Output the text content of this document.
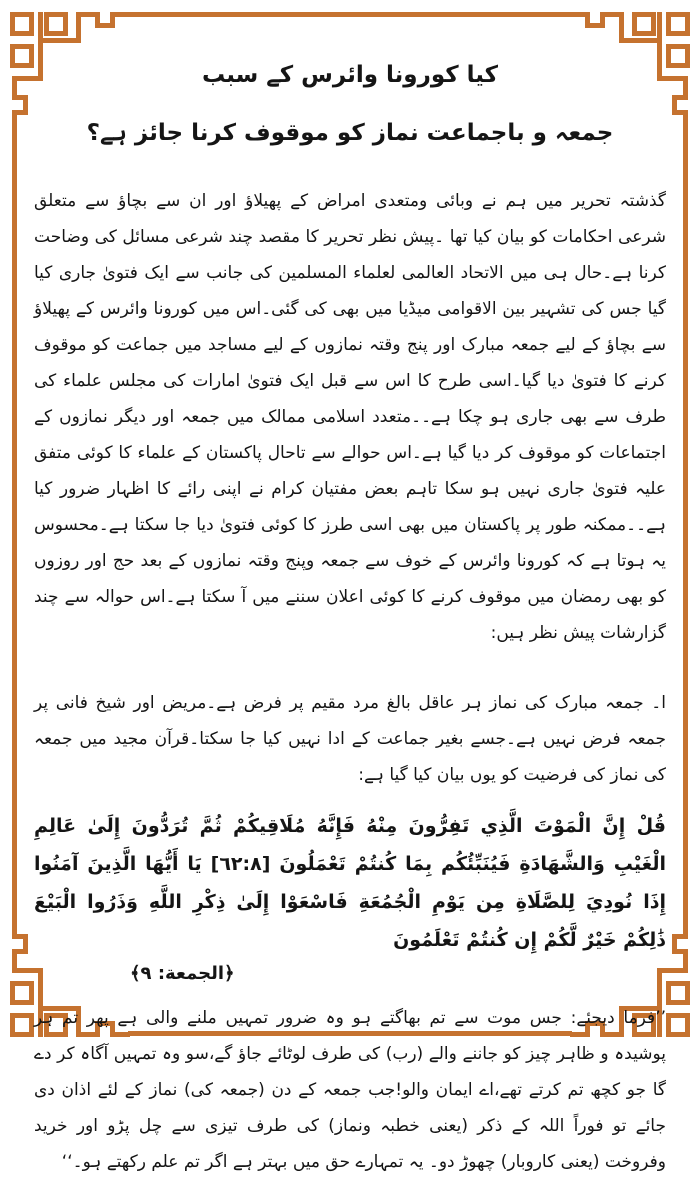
کیا کورونا وائرس کے سبب
جمعہ و باجماعت نماز کو موقوف کرنا جائز ہے؟

گذشتہ تحریر میں ہم نے وبائی ومتعدی امراض کے پھیلاؤ اور ان سے بچاؤ سے متعلق شرعی احکامات کو بیان کیا تھا ۔پیش نظر تحریر کا مقصد چند شرعی مسائل کی وضاحت کرنا ہے۔حال ہی میں الاتحاد العالمی لعلماء المسلمین کی جانب سے ایک فتویٰ جاری کیا گیا جس کی تشہیر بین الاقوامی میڈیا میں بھی کی گئی۔اس میں کورونا وائرس کے پھیلاؤ سے بچاؤ کے لیے جمعہ مبارک اور پنج وقتہ نمازوں کے لیے مساجد میں جماعت کو موقوف کرنے کا فتویٰ دیا گیا۔اسی طرح کا اس سے قبل ایک فتویٰ امارات کی مجلس علماء کی طرف سے بھی جاری ہو چکا ہے۔۔متعدد اسلامی ممالک میں جمعہ اور دیگر نمازوں کے اجتماعات کو موقوف کر دیا گیا ہے۔اس حوالے سے تاحال پاکستان کے علماء کا کوئی متفق علیہ فتویٰ جاری نہیں ہو سکا تاہم بعض مفتیان کرام نے اپنی رائے کا اظہار ضرور کیا ہے۔۔ممکنہ طور پر پاکستان میں بھی اسی طرز کا کوئی فتویٰ دیا جا سکتا ہے۔محسوس یہ ہوتا ہے کہ کورونا وائرس کے خوف سے جمعہ وپنج وقتہ نمازوں کے بعد حج اور روزوں کو بھی رمضان میں موقوف کرنے کا کوئی اعلان سننے میں آ سکتا ہے۔اس حوالہ سے چند گزارشات پیش نظر ہیں:

ا۔ جمعہ مبارک کی نماز ہر عاقل بالغ مرد مقیم پر فرض ہے۔مریض اور شیخ فانی پر جمعہ فرض نہیں ہے۔جسے بغیر جماعت کے ادا نہیں کیا جا سکتا۔قرآن مجید میں جمعہ کی نماز کی فرضیت کو یوں بیان کیا گیا ہے:

قُلْ إِنَّ الْمَوْتَ الَّذِي تَفِرُّونَ مِنْهُ فَإِنَّهُ مُلَاقِيكُمْ ثُمَّ تُرَدُّونَ إِلَىٰ عَالِمِ الْغَيْبِ وَالشَّهَادَةِ فَيُنَبِّئُكُم بِمَا كُنتُمْ تَعْمَلُونَ [٦٢:٨] يَا أَيُّهَا الَّذِينَ آمَنُوا إِذَا نُودِيَ لِلصَّلَاةِ مِن يَوْمِ الْجُمُعَةِ فَاسْعَوْا إِلَىٰ ذِكْرِ اللَّهِ وَذَرُوا الْبَيْعَ ذَٰلِكُمْ خَيْرٌ لَّكُمْ إِن كُنتُمْ تَعْلَمُونَ

﴿الجمعة: ٩﴾

’’فرما دیجئے: جس موت سے تم بھاگتے ہو وہ ضرور تمہیں ملنے والی ہے پھر تم ہر پوشیدہ و ظاہر چیز کو جاننے والے (رب) کی طرف لوٹائے جاؤ گے،سو وہ تمہیں آگاہ کر دے گا جو کچھ تم کرتے تھے،اے ایمان والو!جب جمعہ کے دن (جمعہ کی) نماز کے لئے اذان دی جائے تو فوراً اللہ کے ذکر (یعنی خطبہ ونماز) کی طرف تیزی سے چل پڑو اور خرید وفروخت (یعنی کاروبار) چھوڑ دو۔ یہ تمہارے حق میں بہتر ہے اگر تم علم رکھتے ہو۔‘‘
